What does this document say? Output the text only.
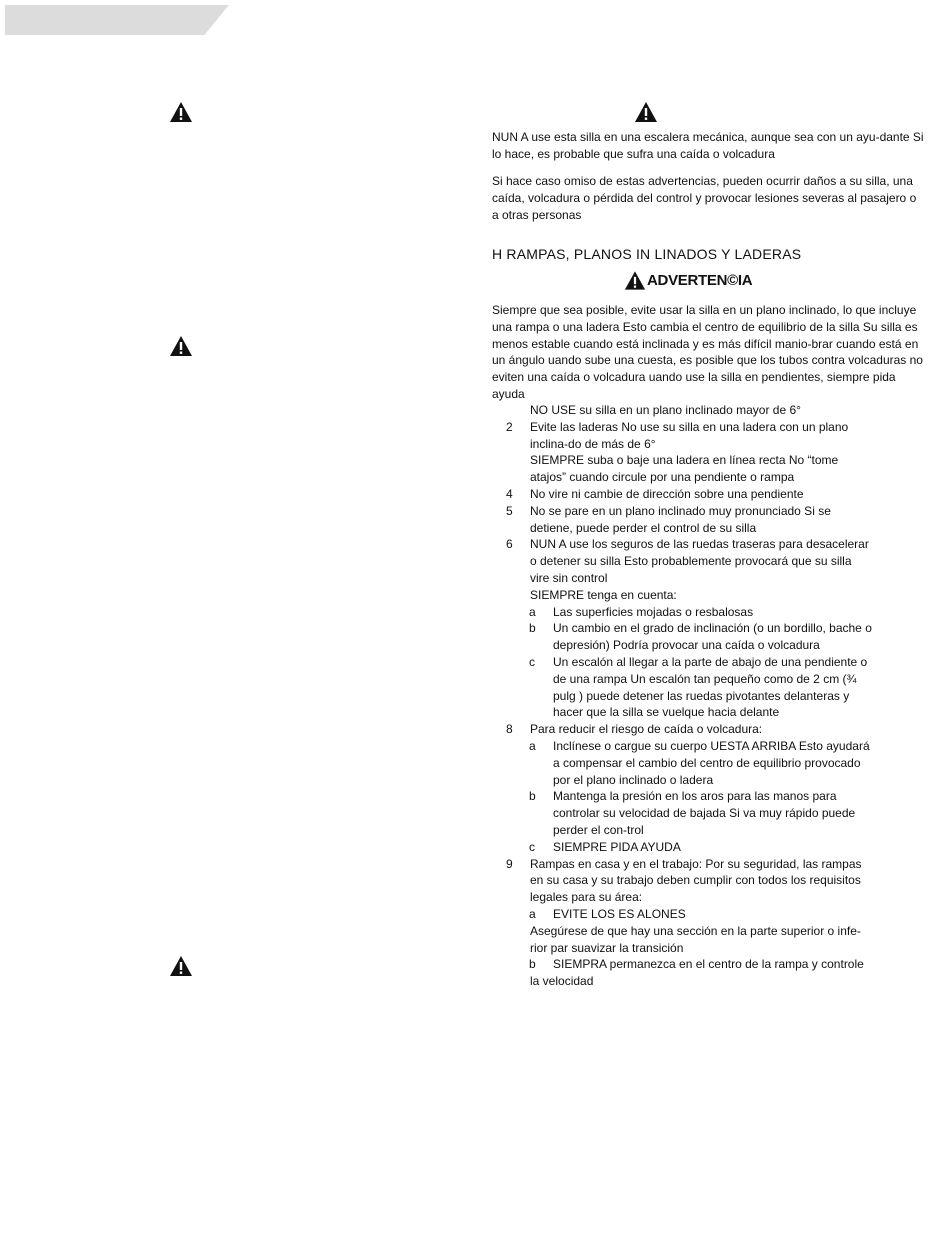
NUN A use esta silla en una escalera mecánica, aunque sea con un ayu-dante Si lo hace, es probable que sufra una caída o volcadura

Si hace caso omiso de estas advertencias, pueden ocurrir daños a su silla, una caída, volcadura o pérdida del control y provocar lesiones severas al pasajero o a otras personas

H RAMPAS, PLANOS IN LINADOS Y LADERAS
ADVERTEN©IA

Siempre que sea posible, evite usar la silla en un plano inclinado, lo que incluye una rampa o una ladera Esto cambia el centro de equilibrio de la silla Su silla es menos estable cuando está inclinada y es más difícil manio-brar cuando está en un ángulo uando sube una cuesta, es posible que los tubos contra volcaduras no eviten una caída o volcadura uando use la silla en pendientes, siempre pida ayuda

NO USE su silla en un plano inclinado mayor de 6°
2 Evite las laderas No use su silla en una ladera con un plano
inclina-do de más de 6°
SIEMPRE suba o baje una ladera en línea recta No “tome
atajos” cuando circule por una pendiente o rampa
4 No vire ni cambie de dirección sobre una pendiente
5 No se pare en un plano inclinado muy pronunciado Si se
detiene, puede perder el control de su silla
6 NUN A use los seguros de las ruedas traseras para desacelerar
o detener su silla Esto probablemente provocará que su silla
vire sin control
SIEMPRE tenga en cuenta:
a Las superficies mojadas o resbalosas
b Un cambio en el grado de inclinación (o un bordillo, bache o
depresión) Podría provocar una caída o volcadura
c Un escalón al llegar a la parte de abajo de una pendiente o
de una rampa Un escalón tan pequeño como de 2 cm (¾
pulg ) puede detener las ruedas pivotantes delanteras y
hacer que la silla se vuelque hacia delante
8 Para reducir el riesgo de caída o volcadura:
a Inclínese o cargue su cuerpo UESTA ARRIBA Esto ayudará
a compensar el cambio del centro de equilibrio provocado
por el plano inclinado o ladera
b Mantenga la presión en los aros para las manos para
controlar su velocidad de bajada Si va muy rápido puede
perder el con-trol
c SIEMPRE PIDA AYUDA
9 Rampas en casa y en el trabajo: Por su seguridad, las rampas
en su casa y su trabajo deben cumplir con todos los requisitos
legales para su área:
a EVITE LOS ES ALONES
Asegúrese de que hay una sección en la parte superior o infe-
rior par suavizar la transición
b SIEMPRA permanezca en el centro de la rampa y controle
la velocidad
